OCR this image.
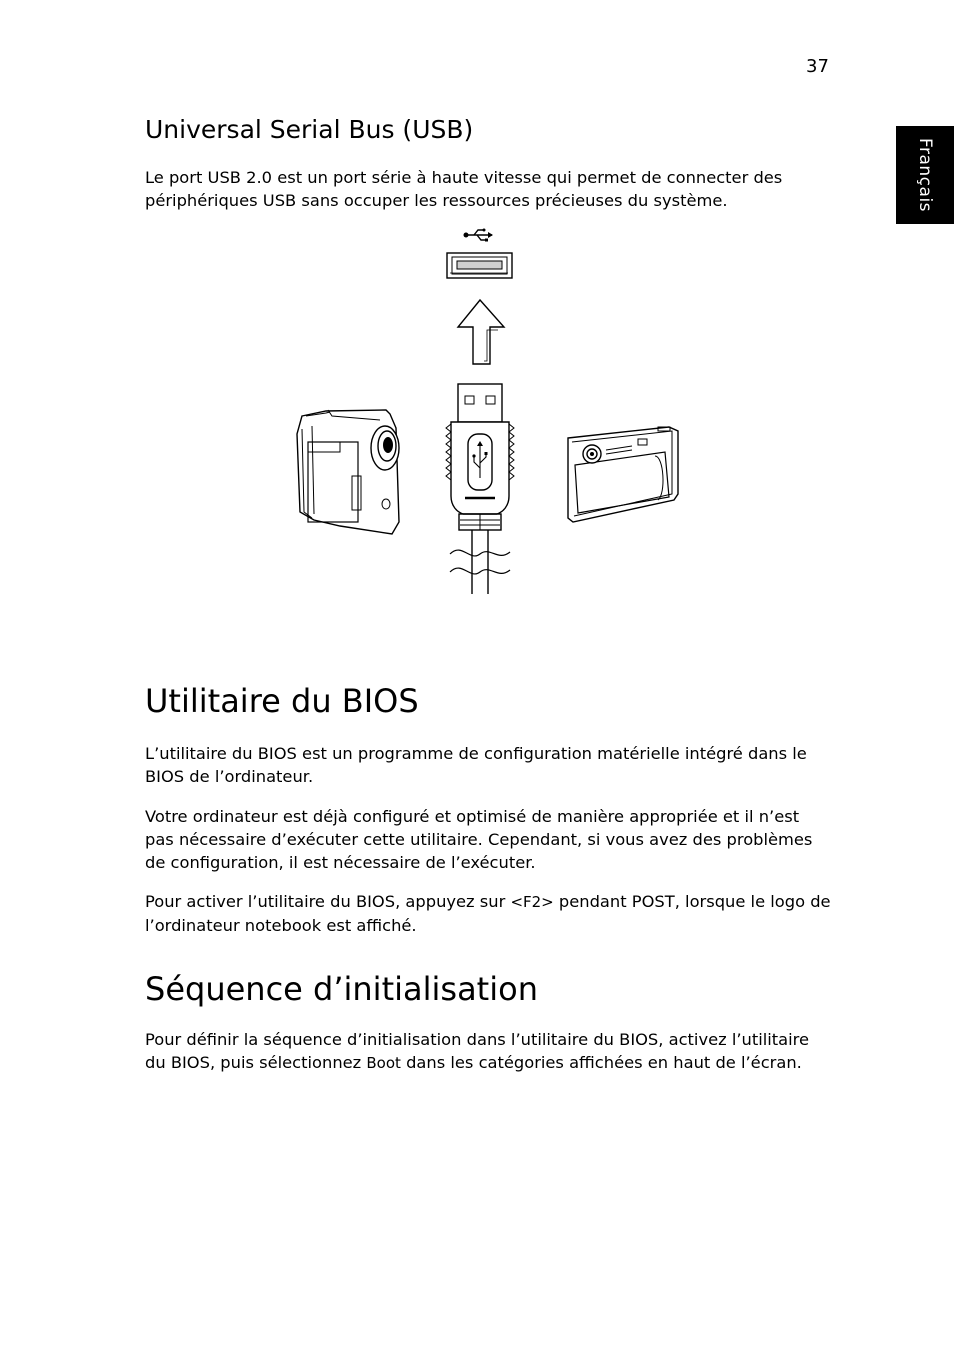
37
Français
Universal Serial Bus (USB)

Le port USB 2.0 est un port série à haute vitesse qui permet de connecter des périphériques USB sans occuper les ressources précieuses du système.

Utilitaire du BIOS

L’utilitaire du BIOS est un programme de configuration matérielle intégré dans le BIOS de l’ordinateur.

Votre ordinateur est déjà configuré et optimisé de manière appropriée et il n’est pas nécessaire d’exécuter cette utilitaire. Cependant, si vous avez des problèmes de configuration, il est nécessaire de l’exécuter.

Pour activer l’utilitaire du BIOS, appuyez sur <F2> pendant POST, lorsque le logo de l’ordinateur notebook est affiché.

Séquence d’initialisation

Pour définir la séquence d’initialisation dans l’utilitaire du BIOS, activez l’utilitaire du BIOS, puis sélectionnez Boot dans les catégories affichées en haut de l’écran.
